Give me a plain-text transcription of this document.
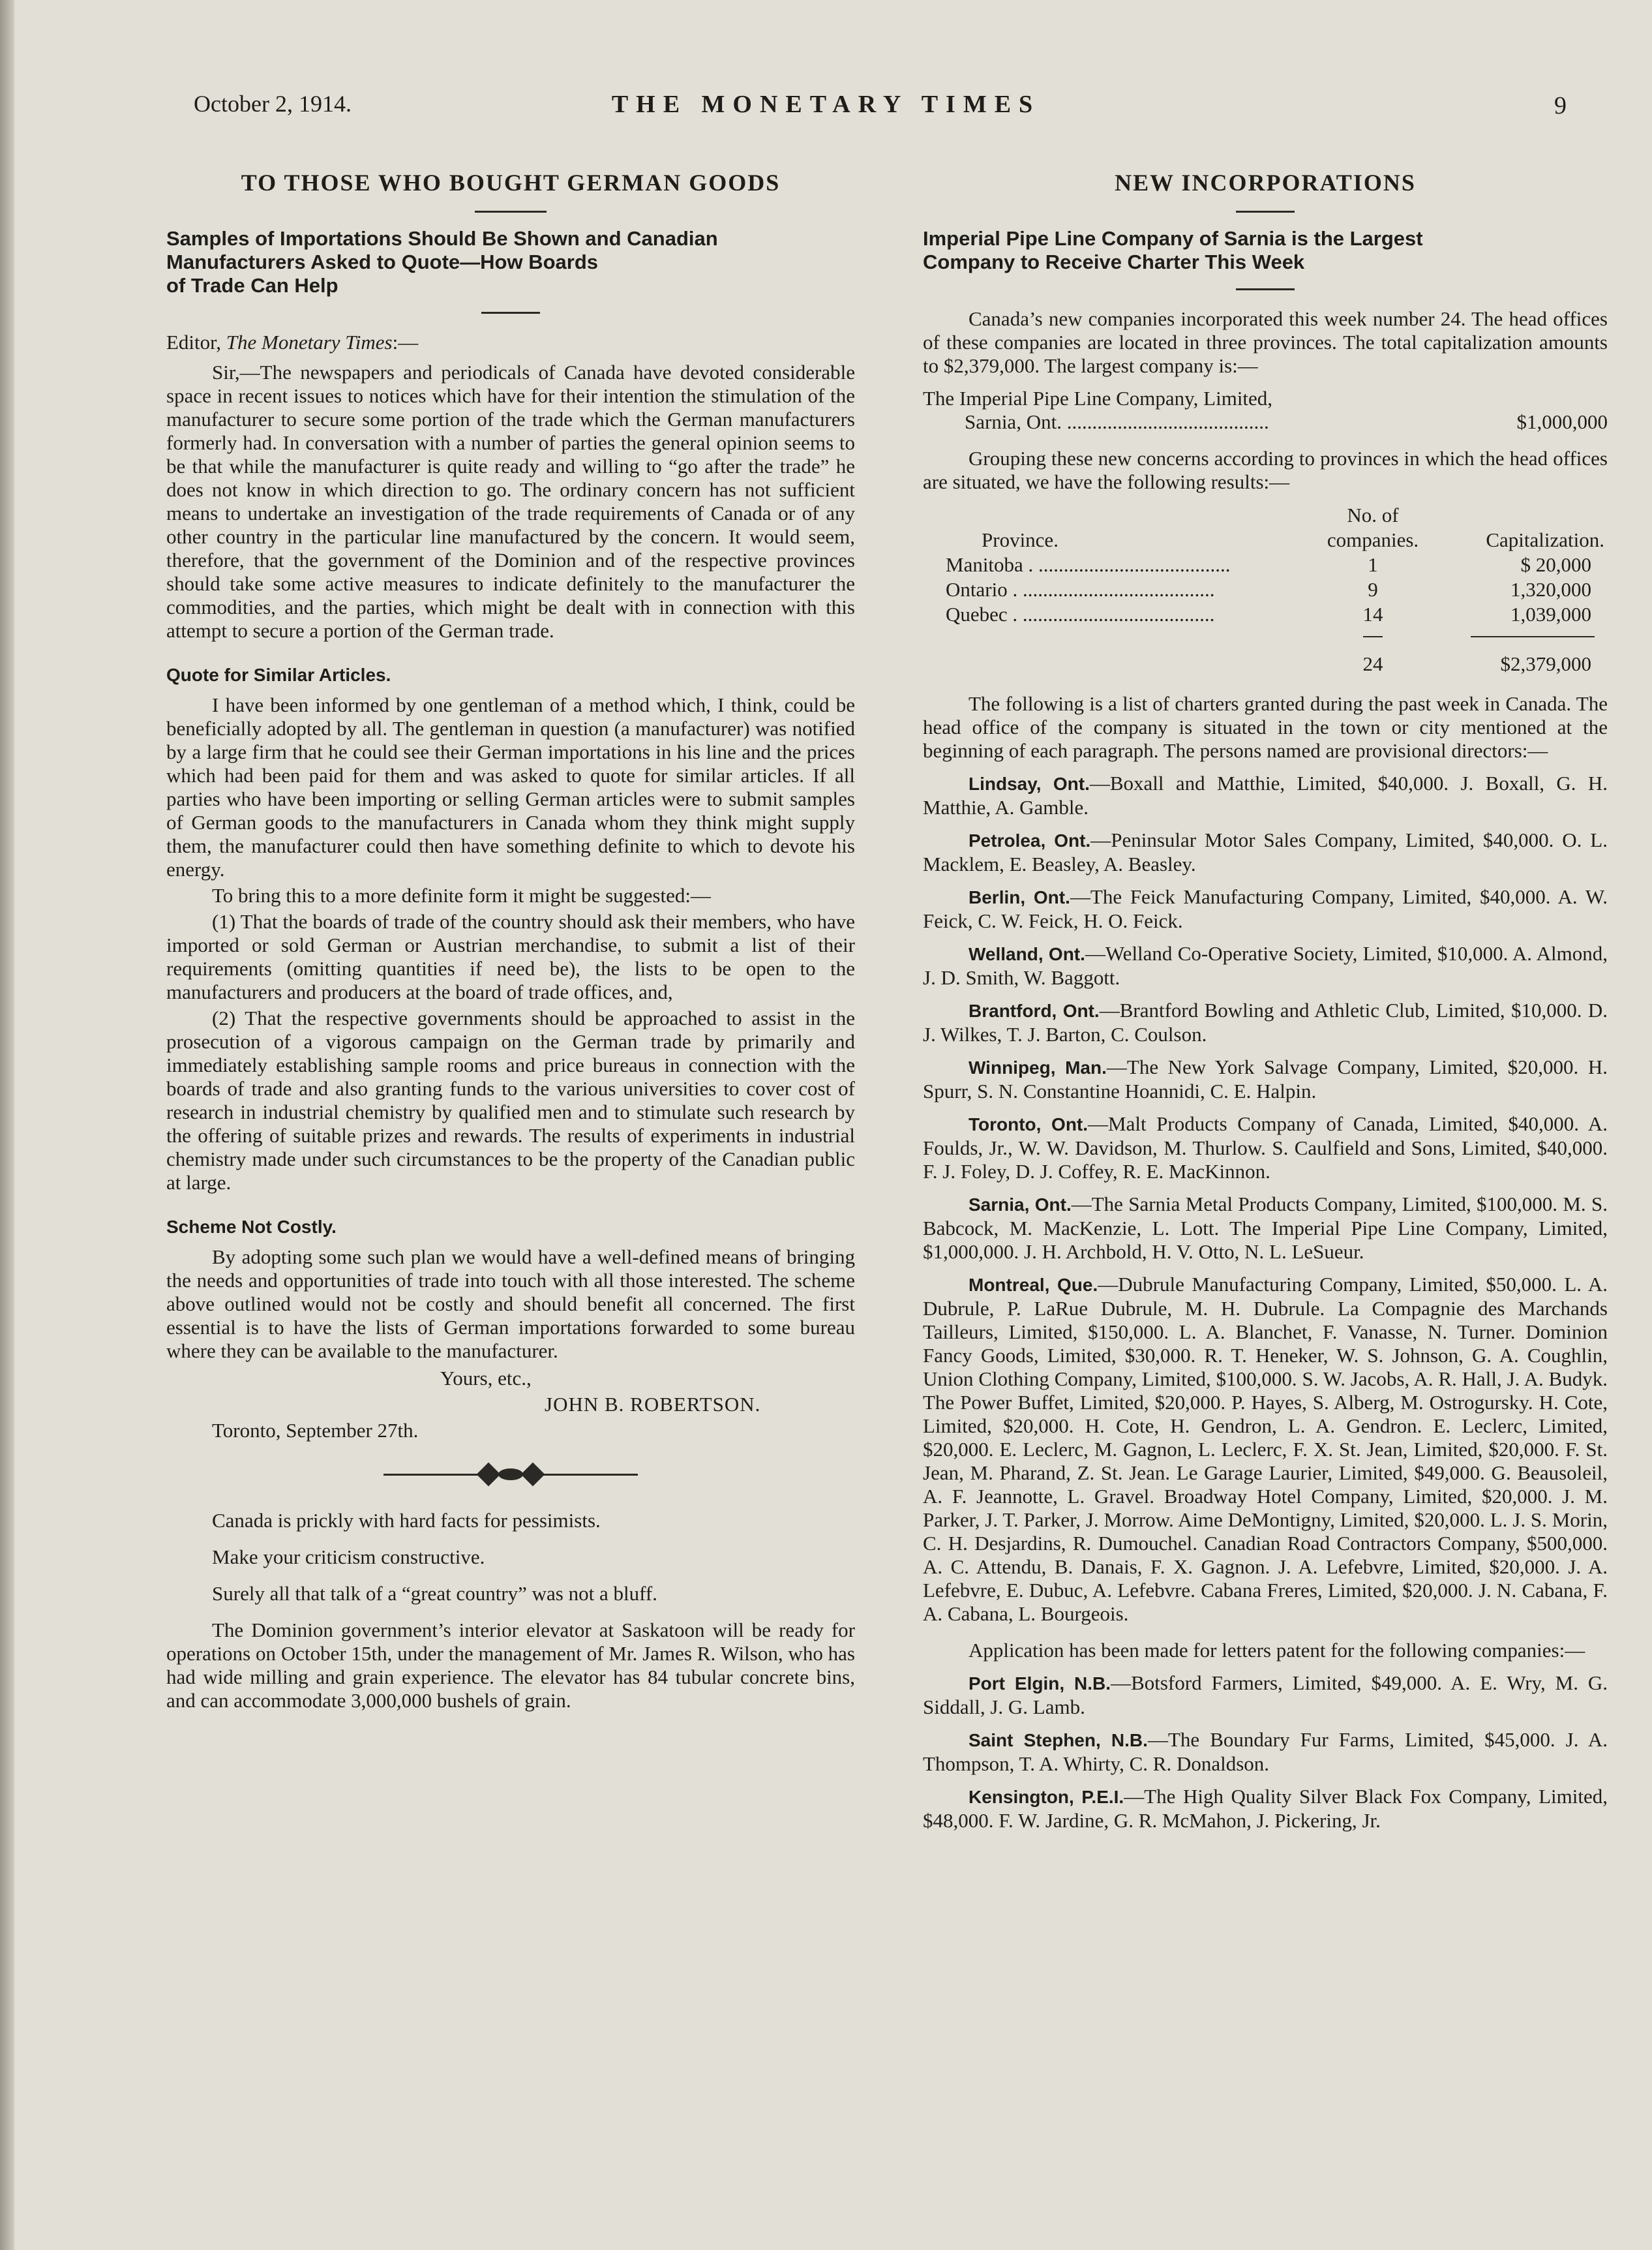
THE MONETARY TIMES
October 2, 1914.	9
TO THOSE WHO BOUGHT GERMAN GOODS

Samples of Importations Should Be Shown and Canadian

Manufacturers Asked to Quote—How Boards

of Trade Can Help

Editor, The Monetary Times:—

Sir,—The newspapers and periodicals of Canada have devoted considerable space in recent issues to notices which have for their intention the stimulation of the manufacturer to secure some portion of the trade which the German manufacturers formerly had. In conversation with a number of parties the general opinion seems to be that while the manufacturer is quite ready and willing to “go after the trade” he does not know in which direction to go. The ordinary concern has not sufficient means to undertake an investigation of the trade requirements of Canada or of any other country in the particular line manufactured by the concern. It would seem, therefore, that the government of the Dominion and of the respective provinces should take some active measures to indicate definitely to the manufacturer the commodities, and the parties, which might be dealt with in connection with this attempt to secure a portion of the German trade.

Quote for Similar Articles.

I have been informed by one gentleman of a method which, I think, could be beneficially adopted by all. The gentleman in question (a manufacturer) was notified by a large firm that he could see their German importations in his line and the prices which had been paid for them and was asked to quote for similar articles. If all parties who have been importing or selling German articles were to submit samples of German goods to the manufacturers in Canada whom they think might supply them, the manufacturer could then have something definite to which to devote his energy.

To bring this to a more definite form it might be suggested:—

(1) That the boards of trade of the country should ask their members, who have imported or sold German or Austrian merchandise, to submit a list of their requirements (omitting quantities if need be), the lists to be open to the manufacturers and producers at the board of trade offices, and,

(2) That the respective governments should be approached to assist in the prosecution of a vigorous campaign on the German trade by primarily and immediately establishing sample rooms and price bureaus in connection with the boards of trade and also granting funds to the various universities to cover cost of research in industrial chemistry by qualified men and to stimulate such research by the offering of suitable prizes and rewards. The results of experiments in industrial chemistry made under such circumstances to be the property of the Canadian public at large.

Scheme Not Costly.

By adopting some such plan we would have a well-defined means of bringing the needs and opportunities of trade into touch with all those interested. The scheme above outlined would not be costly and should benefit all concerned. The first essential is to have the lists of German importations forwarded to some bureau where they can be available to the manufacturer.

Yours, etc.,
JOHN B. ROBERTSON.
Toronto, September 27th.

Canada is prickly with hard facts for pessimists.

Make your criticism constructive.

Surely all that talk of a “great country” was not a bluff.

The Dominion government’s interior elevator at Saskatoon will be ready for operations on October 15th, under the management of Mr. James R. Wilson, who has had wide milling and grain experience. The elevator has 84 tubular concrete bins, and can accommodate 3,000,000 bushels of grain.

NEW INCORPORATIONS

Imperial Pipe Line Company of Sarnia is the Largest

Company to Receive Charter This Week

Canada’s new companies incorporated this week number 24. The head offices of these companies are located in three provinces. The total capitalization amounts to $2,379,000. The largest company is:—

The Imperial Pipe Line Company, Limited,
Sarnia, Ont. ........................................	$1,000,000

Grouping these new concerns according to provinces in which the head offices are situated, we have the following results:—

No. of
Province.	companies.	Capitalization.
Manitoba . ......................................	1	$ 20,000
Ontario . ......................................	9	1,320,000
Quebec . ......................................	14	1,039,000
24	$2,379,000

The following is a list of charters granted during the past week in Canada. The head office of the company is situated in the town or city mentioned at the beginning of each paragraph. The persons named are provisional directors:—

Lindsay, Ont.—Boxall and Matthie, Limited, $40,000. J. Boxall, G. H. Matthie, A. Gamble.

Petrolea, Ont.—Peninsular Motor Sales Company, Limited, $40,000. O. L. Macklem, E. Beasley, A. Beasley.

Berlin, Ont.—The Feick Manufacturing Company, Limited, $40,000. A. W. Feick, C. W. Feick, H. O. Feick.

Welland, Ont.—Welland Co-Operative Society, Limited, $10,000. A. Almond, J. D. Smith, W. Baggott.

Brantford, Ont.—Brantford Bowling and Athletic Club, Limited, $10,000. D. J. Wilkes, T. J. Barton, C. Coulson.

Winnipeg, Man.—The New York Salvage Company, Limited, $20,000. H. Spurr, S. N. Constantine Hoannidi, C. E. Halpin.

Toronto, Ont.—Malt Products Company of Canada, Limited, $40,000. A. Foulds, Jr., W. W. Davidson, M. Thurlow. S. Caulfield and Sons, Limited, $40,000. F. J. Foley, D. J. Coffey, R. E. MacKinnon.

Sarnia, Ont.—The Sarnia Metal Products Company, Limited, $100,000. M. S. Babcock, M. MacKenzie, L. Lott. The Imperial Pipe Line Company, Limited, $1,000,000. J. H. Archbold, H. V. Otto, N. L. LeSueur.

Montreal, Que.—Dubrule Manufacturing Company, Limited, $50,000. L. A. Dubrule, P. LaRue Dubrule, M. H. Dubrule. La Compagnie des Marchands Tailleurs, Limited, $150,000. L. A. Blanchet, F. Vanasse, N. Turner. Dominion Fancy Goods, Limited, $30,000. R. T. Heneker, W. S. Johnson, G. A. Coughlin, Union Clothing Company, Limited, $100,000. S. W. Jacobs, A. R. Hall, J. A. Budyk. The Power Buffet, Limited, $20,000. P. Hayes, S. Alberg, M. Ostrogursky. H. Cote, Limited, $20,000. H. Cote, H. Gendron, L. A. Gendron. E. Leclerc, Limited, $20,000. E. Leclerc, M. Gagnon, L. Leclerc, F. X. St. Jean, Limited, $20,000. F. St. Jean, M. Pharand, Z. St. Jean. Le Garage Laurier, Limited, $49,000. G. Beausoleil, A. F. Jeannotte, L. Gravel. Broadway Hotel Company, Limited, $20,000. J. M. Parker, J. T. Parker, J. Morrow. Aime DeMontigny, Limited, $20,000. L. J. S. Morin, C. H. Desjardins, R. Dumouchel. Canadian Road Contractors Company, $500,000. A. C. Attendu, B. Danais, F. X. Gagnon. J. A. Lefebvre, Limited, $20,000. J. A. Lefebvre, E. Dubuc, A. Lefebvre. Cabana Freres, Limited, $20,000. J. N. Cabana, F. A. Cabana, L. Bourgeois.

Application has been made for letters patent for the following companies:—

Port Elgin, N.B.—Botsford Farmers, Limited, $49,000. A. E. Wry, M. G. Siddall, J. G. Lamb.

Saint Stephen, N.B.—The Boundary Fur Farms, Limited, $45,000. J. A. Thompson, T. A. Whirty, C. R. Donaldson.

Kensington, P.E.I.—The High Quality Silver Black Fox Company, Limited, $48,000. F. W. Jardine, G. R. McMahon, J. Pickering, Jr.
